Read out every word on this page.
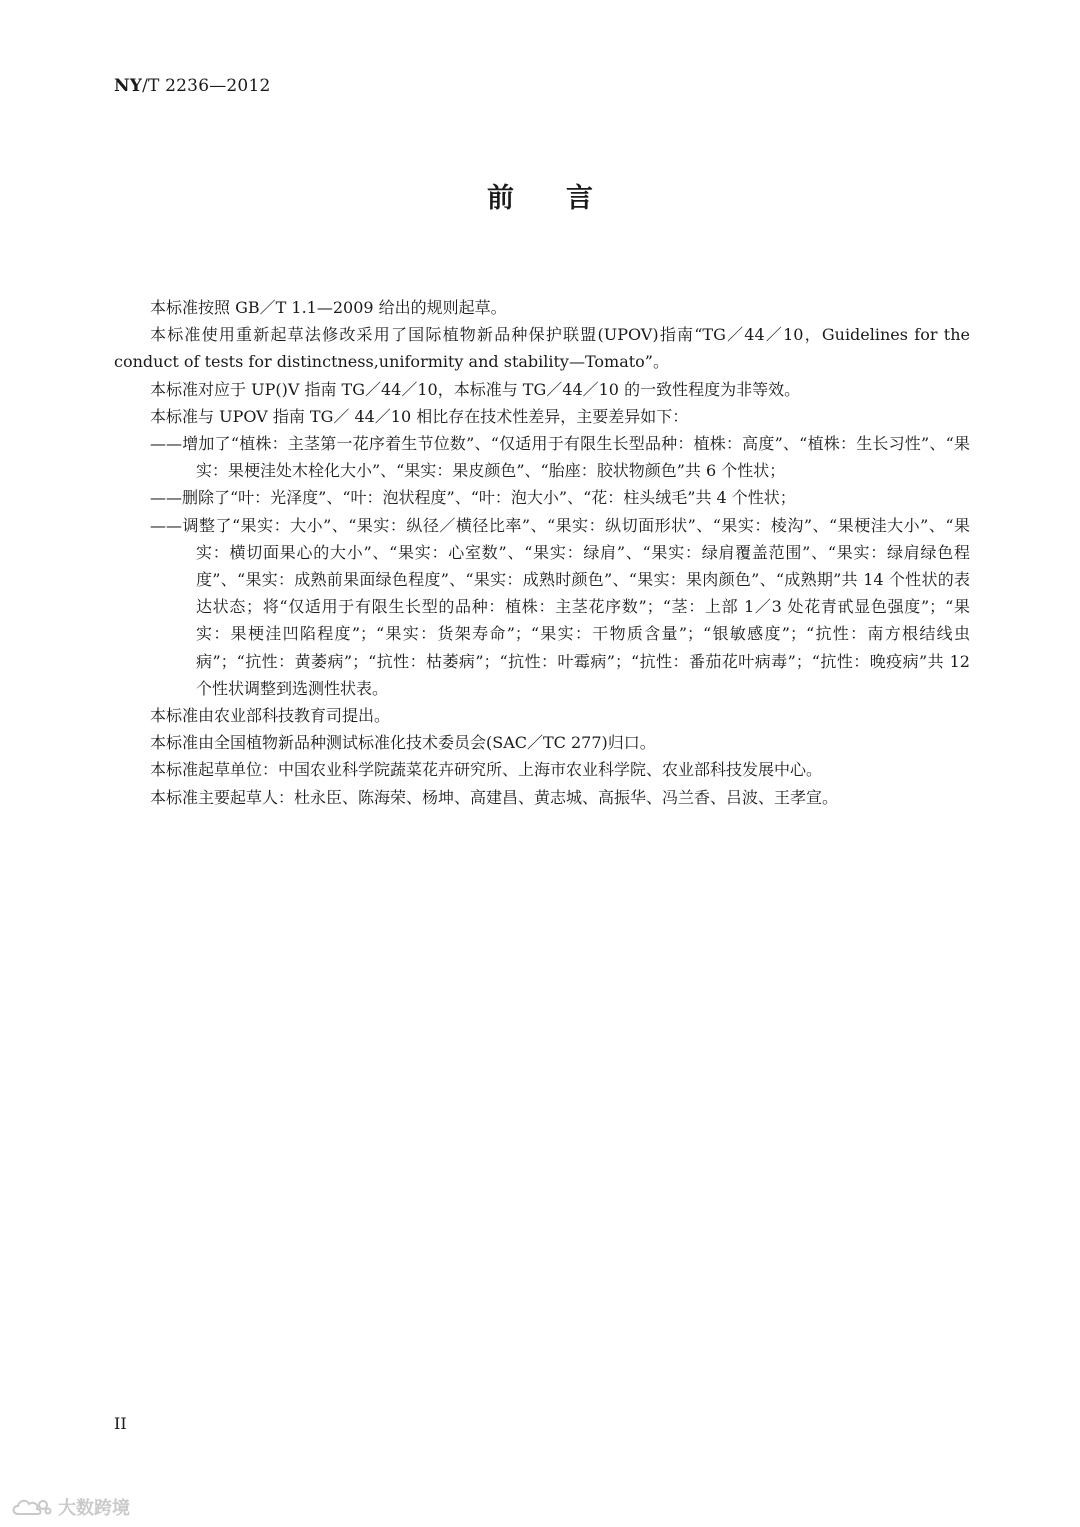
NY/T 2236—2012
前言

本标准按照 GB／T 1.1—2009 给出的规则起草。

本标准使用重新起草法修改采用了国际植物新品种保护联盟(UPOV)指南“TG／44／10，Guidelines for the conduct of tests for distinctness,uniformity and stability—Tomato”。

本标准对应于 UP()V 指南 TG／44／10，本标准与 TG／44／10 的一致性程度为非等效。

本标准与 UPOV 指南 TG／ 44／10 相比存在技术性差异，主要差异如下：

——增加了“植株：主茎第一花序着生节位数”、“仅适用于有限生长型品种：植株：高度”、“植株：生长习性”、“果实：果梗洼处木栓化大小”、“果实：果皮颜色”、“胎座：胶状物颜色”共 6 个性状；

——删除了“叶：光泽度”、“叶：泡状程度”、“叶：泡大小”、“花：柱头绒毛”共 4 个性状；

——调整了“果实：大小”、“果实：纵径／横径比率”、“果实：纵切面形状”、“果实：棱沟”、“果梗洼大小”、“果实：横切面果心的大小”、“果实：心室数”、“果实：绿肩”、“果实：绿肩覆盖范围”、“果实：绿肩绿色程度”、“果实：成熟前果面绿色程度”、“果实：成熟时颜色”、“果实：果肉颜色”、“成熟期”共 14 个性状的表达状态；将“仅适用于有限生长型的品种：植株：主茎花序数”；“茎：上部 1／3 处花青甙显色强度”；“果实：果梗洼凹陷程度”；“果实：货架寿命”；“果实：干物质含量”；“银敏感度”；“抗性：南方根结线虫病”；“抗性：黄萎病”；“抗性：枯萎病”；“抗性：叶霉病”；“抗性：番茄花叶病毒”；“抗性：晚疫病”共 12 个性状调整到选测性状表。

本标准由农业部科技教育司提出。

本标准由全国植物新品种测试标准化技术委员会(SAC／TC 277)归口。

本标准起草单位：中国农业科学院蔬菜花卉研究所、上海市农业科学院、农业部科技发展中心。

本标准主要起草人：杜永臣、陈海荣、杨坤、高建昌、黄志城、高振华、冯兰香、吕波、王孝宣。

II
大数跨境
